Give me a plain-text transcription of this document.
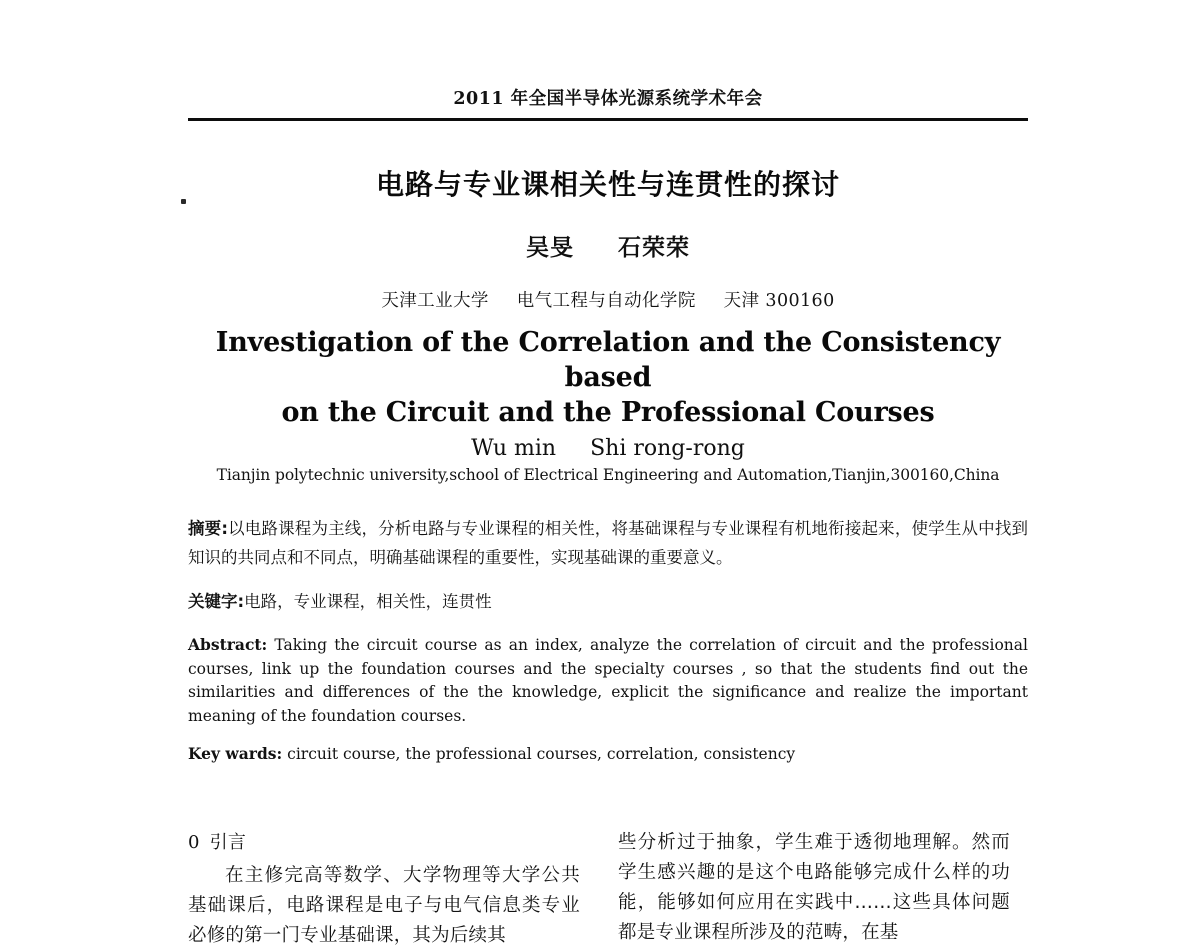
2011 年全国半导体光源系统学术年会
电路与专业课相关性与连贯性的探讨
吴旻 石荣荣
天津工业大学 电气工程与自动化学院 天津 300160
Investigation of the Correlation and the Consistency based
on the Circuit and the Professional Courses
Wu min Shi rong-rong
Tianjin polytechnic university,school of Electrical Engineering and Automation,Tianjin,300160,China
摘要:以电路课程为主线，分析电路与专业课程的相关性，将基础课程与专业课程有机地衔接起来，使学生从中找到知识的共同点和不同点，明确基础课程的重要性，实现基础课的重要意义。
关键字:电路，专业课程，相关性，连贯性
Abstract: Taking the circuit course as an index, analyze the correlation of circuit and the professional courses, link up the foundation courses and the specialty courses , so that the students find out the similarities and differences of the the knowledge, explicit the significance and realize the important meaning of the foundation courses.
Key wards: circuit course, the professional courses, correlation, consistency
0 引言

在主修完高等数学、大学物理等大学公共基础课后，电路课程是电子与电气信息类专业必修的第一门专业基础课，其为后续其

些分析过于抽象，学生难于透彻地理解。然而学生感兴趣的是这个电路能够完成什么样的功能，能够如何应用在实践中……这些具体问题都是专业课程所涉及的范畴，在基
